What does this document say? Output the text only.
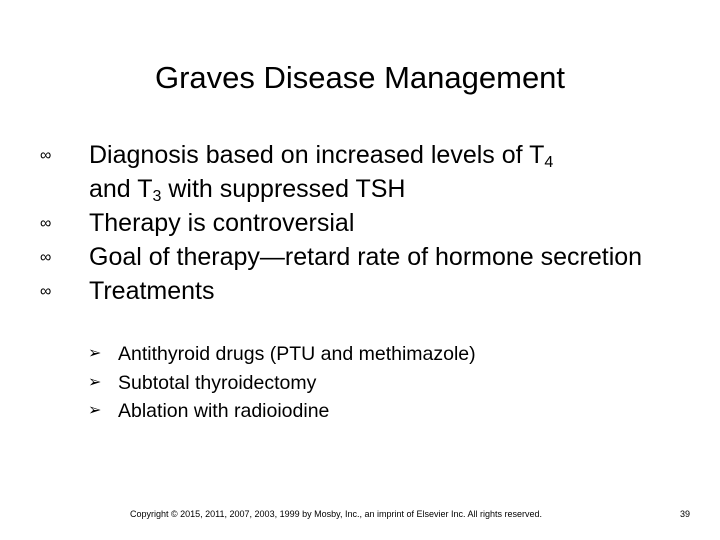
Graves Disease Management
∞	Diagnosis based on increased levels of $T_4$
and $T_3$ with suppressed TSH
∞	Therapy is controversial
∞	Goal of therapy—retard rate of hormone secretion
∞	Treatments
➢ Antithyroid drugs (PTU and methimazole)
➢ Subtotal thyroidectomy
➢ Ablation with radioiodine
Copyright © 2015, 2011, 2007, 2003, 1999 by Mosby, Inc., an imprint of Elsevier Inc. All rights reserved.	39
